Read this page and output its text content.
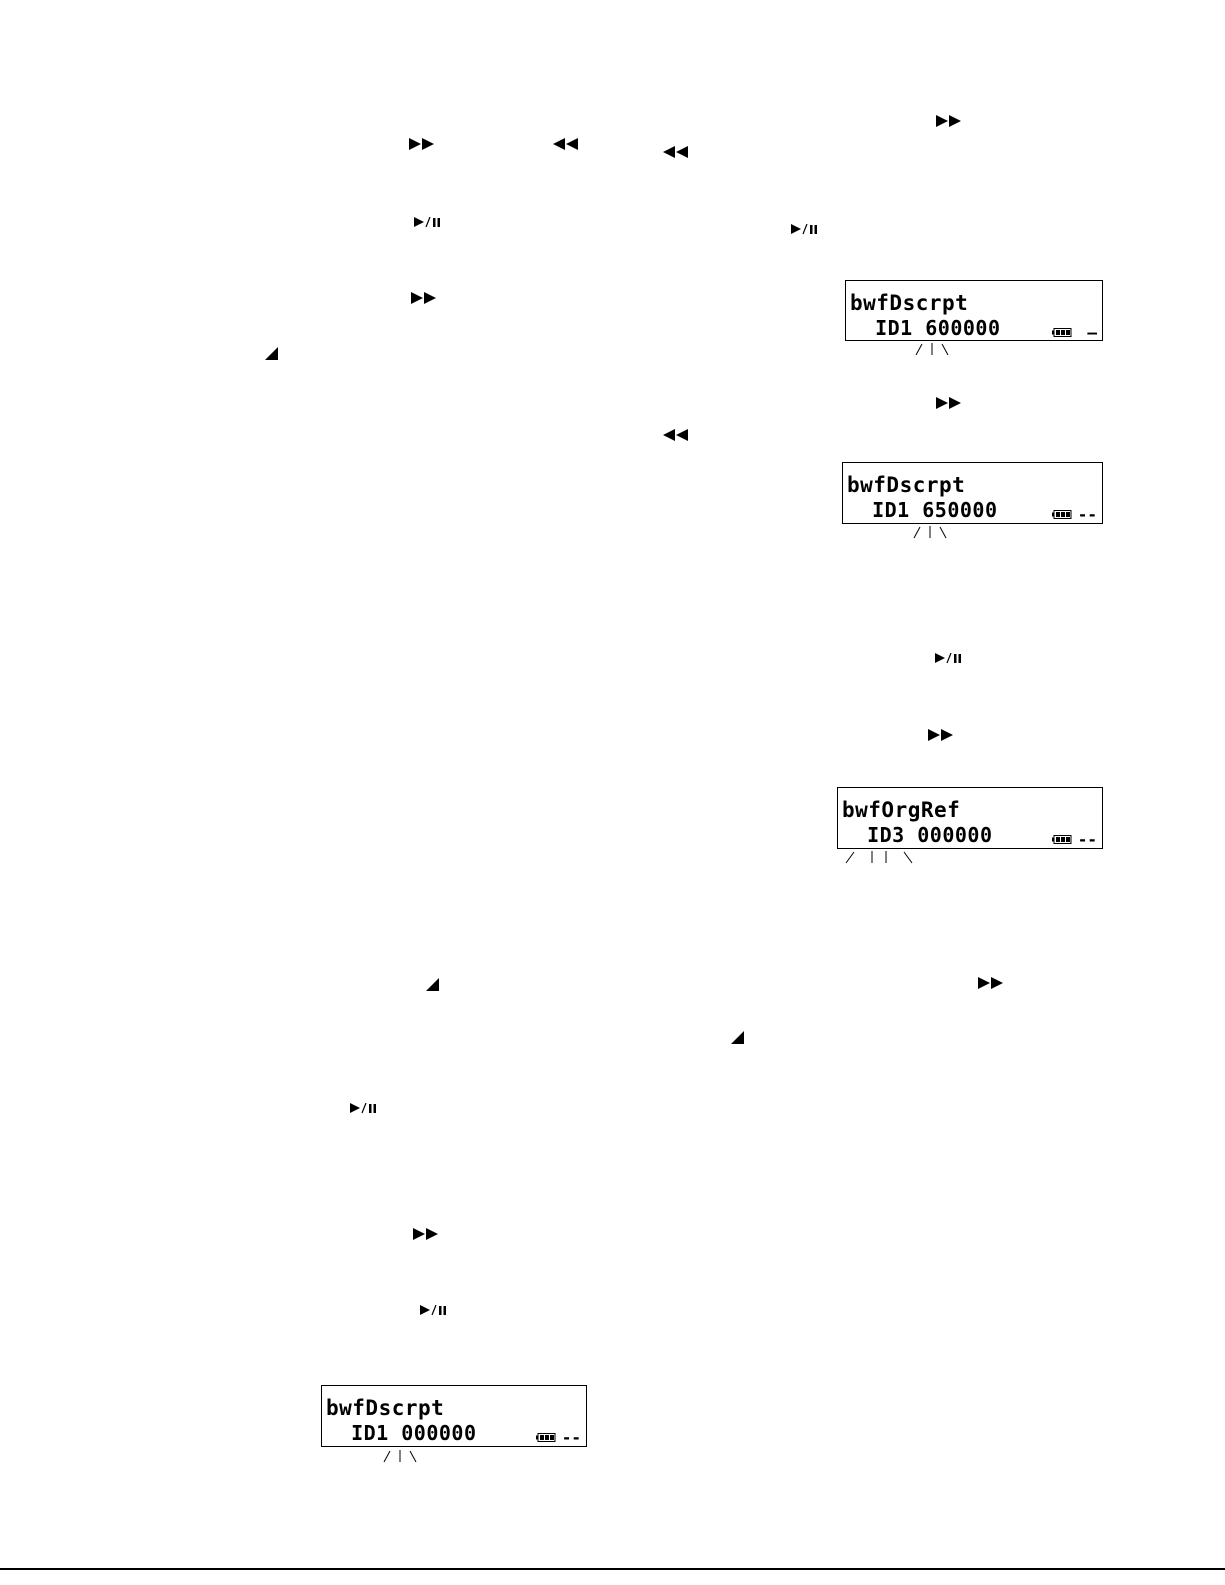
bwfDscrpt
ID1 600000	—
bwfDscrpt
ID1 650000	--
bwfOrgRef
ID3 000000	--
bwfDscrpt
ID1 000000	--
